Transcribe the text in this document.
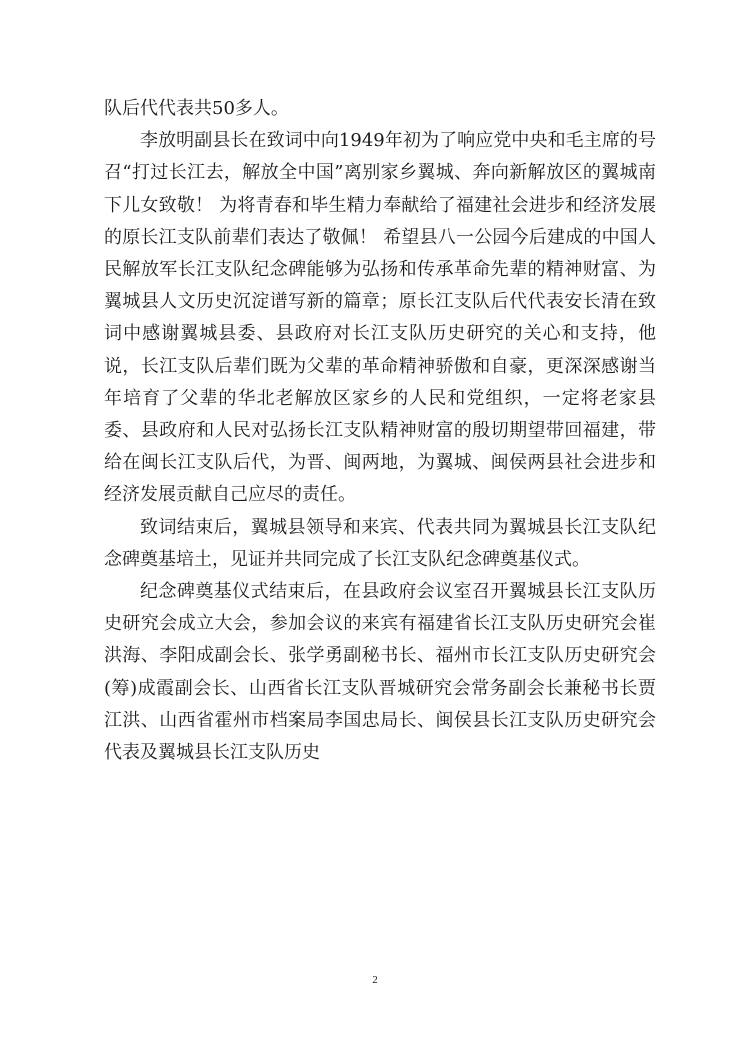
队后代代表共50多人。

李放明副县长在致词中向1949年初为了响应党中央和毛主席的号召“打过长江去，解放全中国”离别家乡翼城、奔向新解放区的翼城南下儿女致敬！ 为将青春和毕生精力奉献给了福建社会进步和经济发展的原长江支队前辈们表达了敬佩！ 希望县八一公园今后建成的中国人民解放军长江支队纪念碑能够为弘扬和传承革命先辈的精神财富、为翼城县人文历史沉淀谱写新的篇章；原长江支队后代代表安长清在致词中感谢翼城县委、县政府对长江支队历史研究的关心和支持，他说，长江支队后辈们既为父辈的革命精神骄傲和自豪，更深深感谢当年培育了父辈的华北老解放区家乡的人民和党组织，一定将老家县委、县政府和人民对弘扬长江支队精神财富的殷切期望带回福建，带给在闽长江支队后代，为晋、闽两地，为翼城、闽侯两县社会进步和经济发展贡献自己应尽的责任。

致词结束后，翼城县领导和来宾、代表共同为翼城县长江支队纪念碑奠基培土，见证并共同完成了长江支队纪念碑奠基仪式。

纪念碑奠基仪式结束后，在县政府会议室召开翼城县长江支队历史研究会成立大会，参加会议的来宾有福建省长江支队历史研究会崔洪海、李阳成副会长、张学勇副秘书长、福州市长江支队历史研究会(筹)成霞副会长、山西省长江支队晋城研究会常务副会长兼秘书长贾江洪、山西省霍州市档案局李国忠局长、闽侯县长江支队历史研究会代表及翼城县长江支队历史

2
